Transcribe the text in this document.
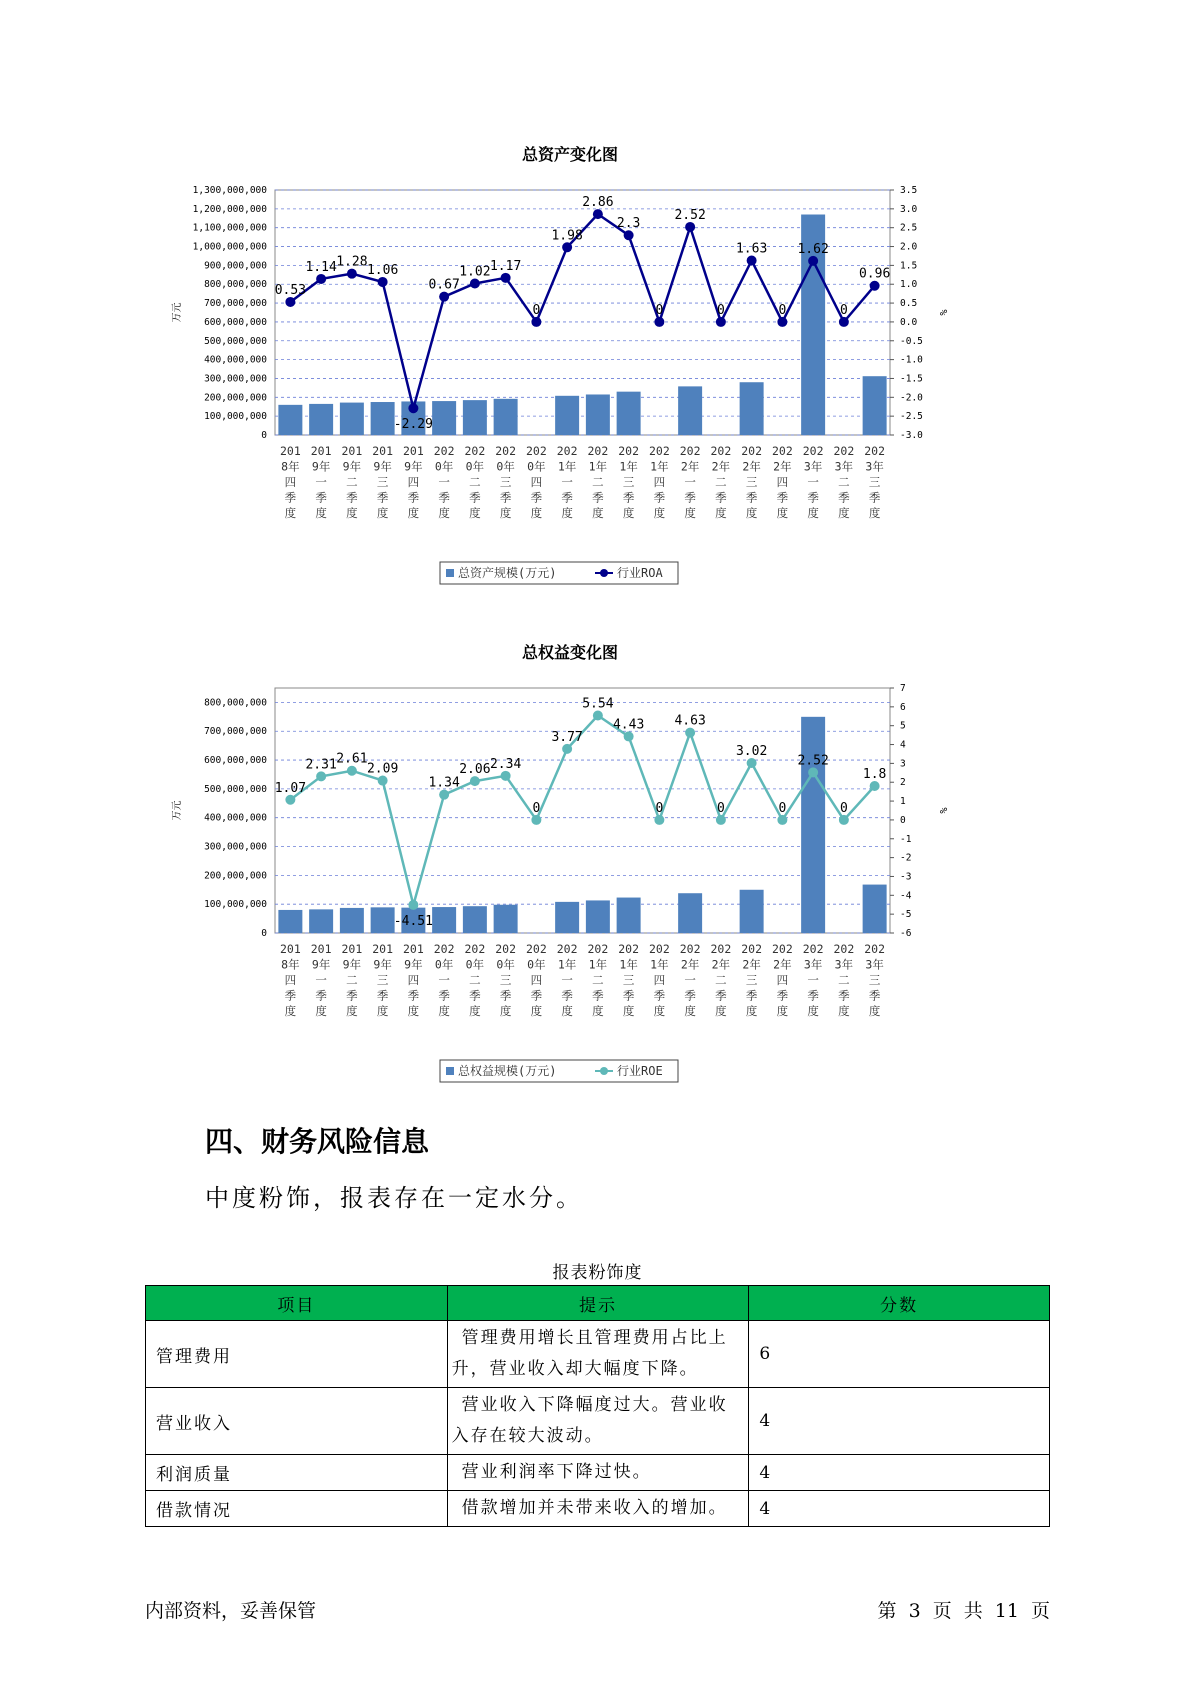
总资产变化图
1,300,000,000
1,200,000,000
1,100,000,000
1,000,000,000
900,000,000
800,000,000
700,000,000
600,000,000
500,000,000
400,000,000
300,000,000
200,000,000
100,000,000
0
3.5
3.0
2.5
2.0
1.5
1.0
0.5
0.0
-0.5
-1.0
-1.5
-2.0
-2.5
-3.0
万元	%
201 8年四季度
201 9年一季度
201 9年二季度
201 9年三季度
201 9年四季度
202 0年一季度
202 0年二季度
202 0年三季度
202 0年四季度
202 1年一季度
202 1年二季度
202 1年三季度
202 1年四季度
202 2年一季度
202 2年二季度
202 2年三季度
202 2年四季度
202 3年一季度
202 3年二季度
202 3年三季度
0.53
1.14 1.28
1.06
-2.29
0.67
1.02 1.17
0
1.98
2.86
2.3
0
2.52
0
1.63
0
1.62
0
0.96
总资产规模(万元)	行业ROA
总权益变化图
800,000,000
700,000,000
600,000,000
500,000,000
400,000,000
300,000,000
200,000,000
100,000,000
0
7
6
5
4
3
2
1
0
-1
-2
-3
-4
-5
-6
万元	%
201 8年四季度
201 9年一季度
201 9年二季度
201 9年三季度
201 9年四季度
202 0年一季度
202 0年二季度
202 0年三季度
202 0年四季度
202 1年一季度
202 1年二季度
202 1年三季度
202 1年四季度
202 2年一季度
202 2年二季度
202 2年三季度
202 2年四季度
202 3年一季度
202 3年二季度
202 3年三季度
1.07
2.31 2.61
2.09
-4.51
1.34
2.06 2.34
0
3.77
5.54
4.43
0
4.63
0
3.02
0
2.52
0
1.8
总权益规模(万元)	行业ROE
四、财务风险信息
中度粉饰，报表存在一定水分。
报表粉饰度
项目	提示	分数
管理费用	管理费用增长且管理费用占比上升，营业收入却大幅度下降。	6
营业收入	营业收入下降幅度过大。营业收入存在较大波动。	4
利润质量	营业利润率下降过快。	4
借款情况	借款增加并未带来收入的增加。	4
内部资料，妥善保管	第 3 页 共 11 页
